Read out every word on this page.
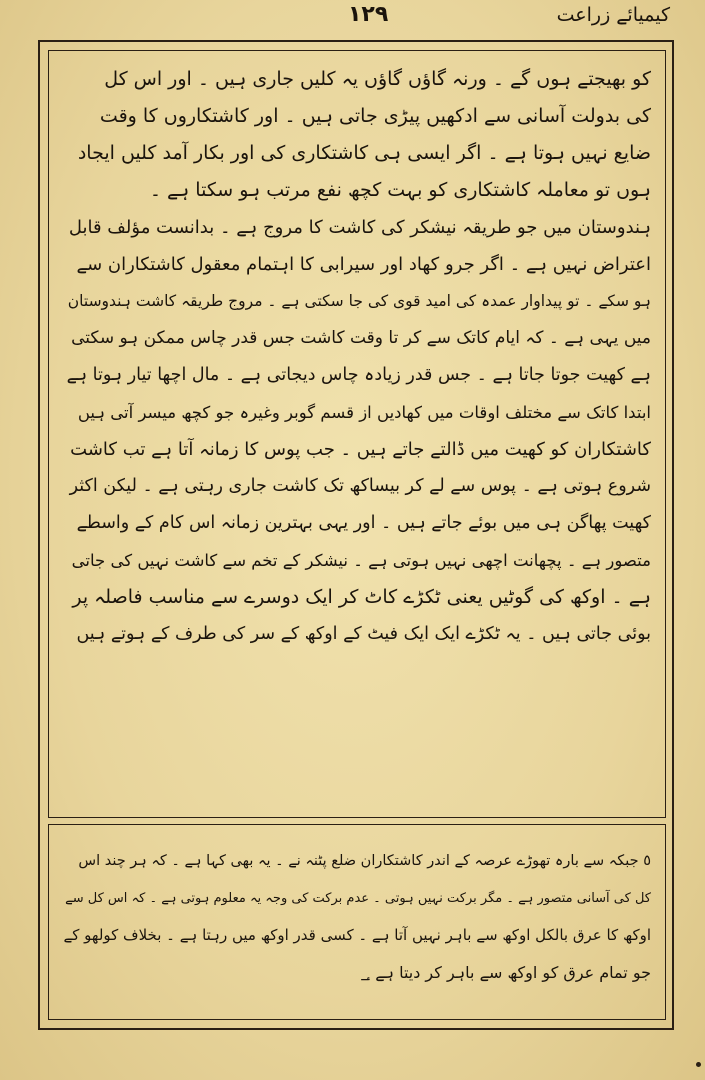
۱۲۹	کیمیائے زراعت
کو بھیجتے ہوں گے ۔ ورنہ گاؤں گاؤں یہ کلیں جاری ہیں ۔ اور اس کل
کی بدولت آسانی سے ادکھیں پیڑی جاتی ہیں ۔ اور کاشتکاروں کا وقت
ضایع نہیں ہوتا ہے ۔ اگر ایسی ہی کاشتکاری کی اور بکار آمد کلیں ایجاد
ہوں تو معاملہ کاشتکاری کو بہت کچھ نفع مرتب ہو سکتا ہے ۔
ہندوستان میں جو طریقہ نیشکر کی کاشت کا مروج ہے ۔ بدانست مؤلف قابل
اعتراض نہیں ہے ۔ اگر جرو کھاد اور سیرابی کا اہتمام معقول کاشتکاران سے
ہو سکے ۔ تو پیداوار عمدہ کی امید قوی کی جا سکتی ہے ۔ مروج طریقہ کاشت ہندوستان
میں یہی ہے ۔ کہ ایام کاتک سے کر تا وقت کاشت جس قدر چاس ممکن ہو سکتی
ہے کھیت جوتا جاتا ہے ۔ جس قدر زیادہ چاس دیجاتی ہے ۔ مال اچھا تیار ہوتا ہے
ابتدا کاتک سے مختلف اوقات میں کھادیں از قسم گوبر وغیرہ جو کچھ میسر آتی ہیں
کاشتکاران کو کھیت میں ڈالتے جاتے ہیں ۔ جب پوس کا زمانہ آتا ہے تب کاشت
شروع ہوتی ہے ۔ پوس سے لے کر بیساکھ تک کاشت جاری رہتی ہے ۔ لیکن اکثر
کھیت پھاگن ہی میں بوئے جاتے ہیں ۔ اور یہی بہترین زمانہ اس کام کے واسطے
متصور ہے ۔ پچھانت اچھی نہیں ہوتی ہے ۔ نیشکر کے تخم سے کاشت نہیں کی جاتی
ہے ۔ اوکھ کی گوٹیں یعنی ٹکڑے کاٹ کر ایک دوسرے سے مناسب فاصلہ پر
بوئی جاتی ہیں ۔ یہ ٹکڑے ایک ایک فیٹ کے اوکھ کے سر کی طرف کے ہوتے ہیں
٥ جبکہ سے بارہ تھوڑے عرصہ کے اندر کاشتکاران ضلع پٹنہ نے ۔ یہ بھی کہا ہے ۔ کہ ہر چند اس
کل کی آسانی متصور ہے ۔ مگر برکت نہیں ہوتی ۔ عدم برکت کی وجہ یہ معلوم ہوتی ہے ۔ کہ اس کل سے
اوکھ کا عرق بالکل اوکھ سے باہر نہیں آتا ہے ۔ کسی قدر اوکھ میں رہتا ہے ۔ بخلاف کولھو کے
جو تمام عرق کو اوکھ سے باہر کر دیتا ہے ؀
